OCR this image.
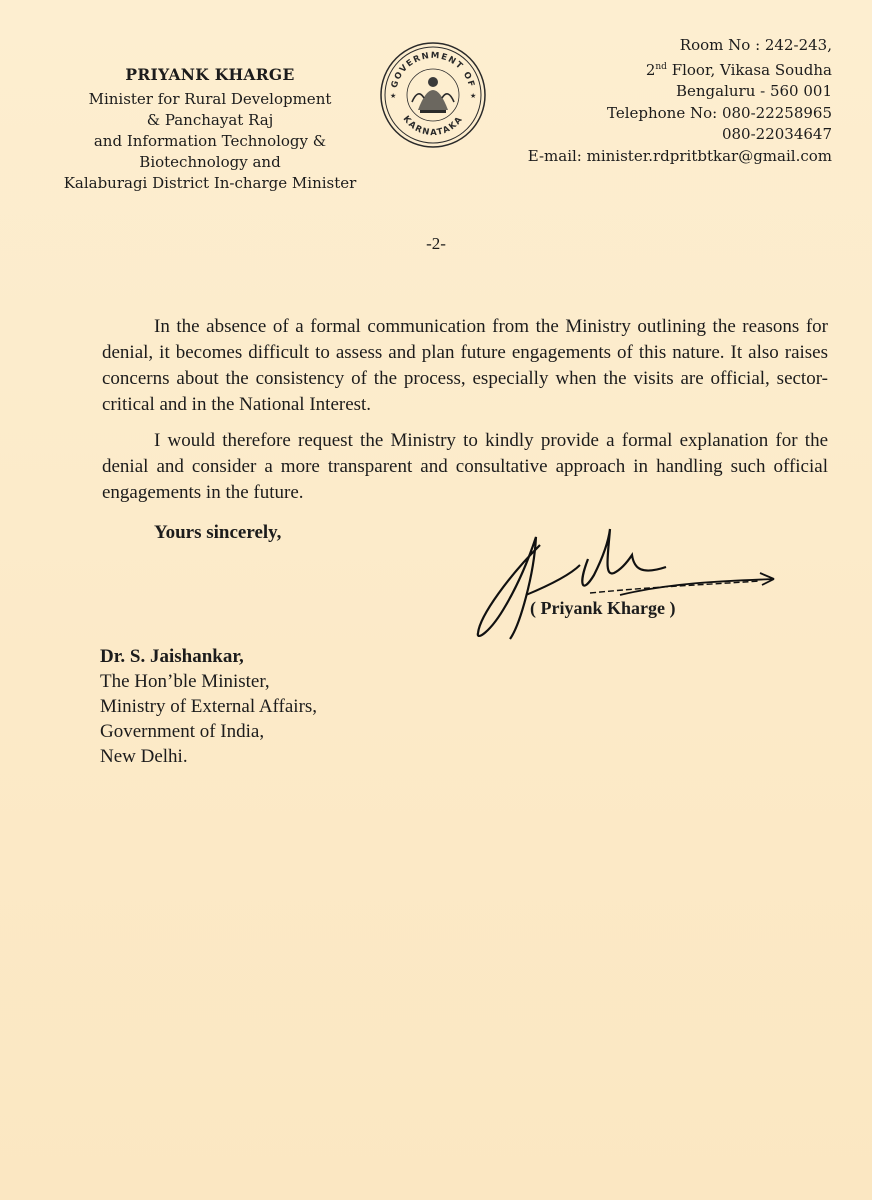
PRIYANK KHARGE
Minister for Rural Development
& Panchayat Raj
and Information Technology &
Biotechnology and
Kalaburagi District In-charge Minister
GOVERNMENT OF
KARNATAKA
★	★
Room No : 242-243,
2nd Floor, Vikasa Soudha
Bengaluru - 560 001
Telephone No: 080-22258965
080-22034647
E-mail: minister.rdpritbtkar@gmail.com
-2-
In the absence of a formal communication from the Ministry outlining the reasons for denial, it becomes difficult to assess and plan future engagements of this nature. It also raises concerns about the consistency of the process, especially when the visits are official, sector-critical and in the National Interest.
I would therefore request the Ministry to kindly provide a formal explanation for the denial and consider a more transparent and consultative approach in handling such official engagements in the future.
Yours sincerely,
( Priyank Kharge )
Dr. S. Jaishankar,
The Hon’ble Minister,
Ministry of External Affairs,
Government of India,
New Delhi.
